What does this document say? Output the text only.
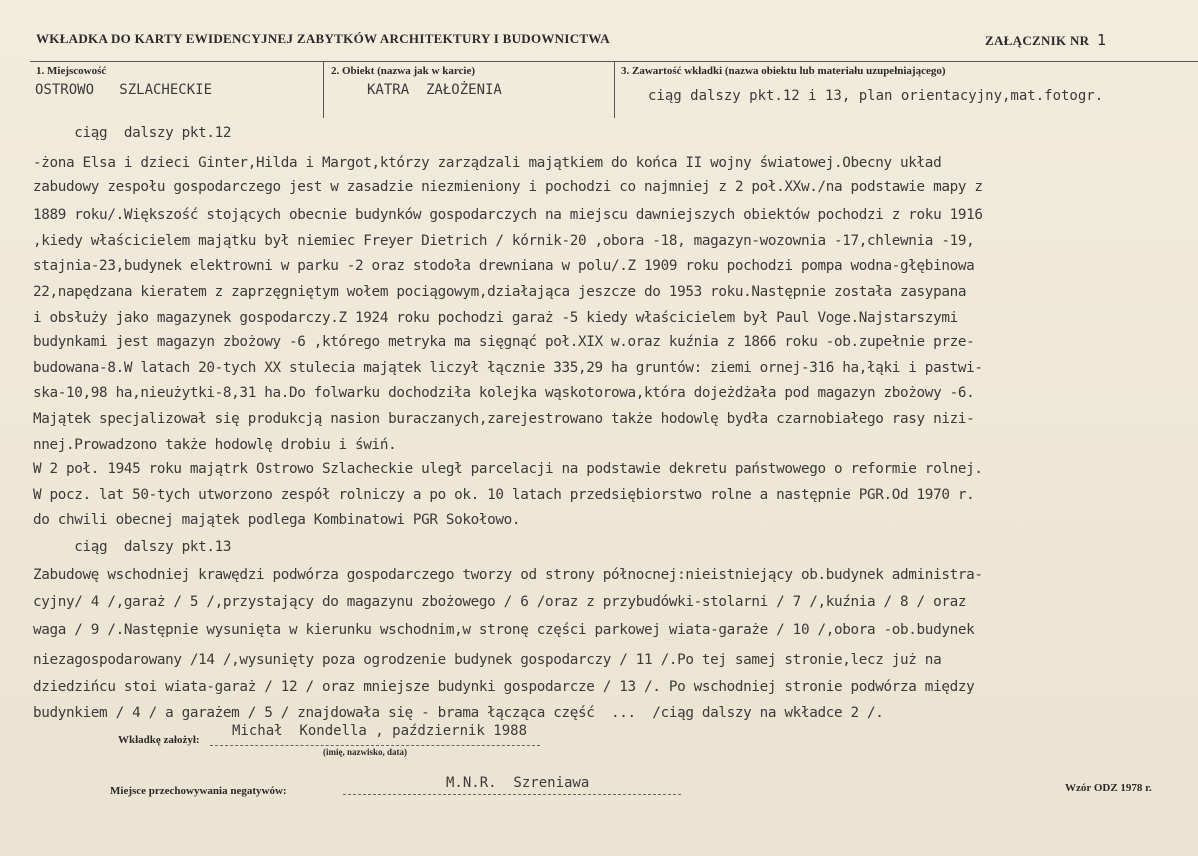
WKŁADKA DO KARTY EWIDENCYJNEJ ZABYTKÓW ARCHITEKTURY I BUDOWNICTWA	ZAŁĄCZNIK NR 1
1. Miejscowość	2. Obiekt (nazwa jak w karcie)	3. Zawartość wkładki (nazwa obiektu lub materiału uzupełniającego)
OSTROWO   SZLACHECKIE	KATRA  ZAŁOŻENIA	ciąg dalszy pkt.12 i 13, plan orientacyjny,mat.fotogr.
ciąg  dalszy pkt.12
-żona Elsa i dzieci Ginter,Hilda i Margot,którzy zarządzali majątkiem do końca II wojny światowej.Obecny układ
zabudowy zespołu gospodarczego jest w zasadzie niezmieniony i pochodzi co najmniej z 2 poł.XXw./na podstawie mapy z
1889 roku/.Większość stojących obecnie budynków gospodarczych na miejscu dawniejszych obiektów pochodzi z roku 1916
,kiedy właścicielem majątku był niemiec Freyer Dietrich / kórnik-20 ,obora -18, magazyn-wozownia -17,chlewnia -19,
stajnia-23,budynek elektrowni w parku -2 oraz stodoła drewniana w polu/.Z 1909 roku pochodzi pompa wodna-głębinowa
22,napędzana kieratem z zaprzęgniętym wołem pociągowym,działająca jeszcze do 1953 roku.Następnie została zasypana
i obsłuży jako magazynek gospodarczy.Z 1924 roku pochodzi garaż -5 kiedy właścicielem był Paul Voge.Najstarszymi
budynkami jest magazyn zbożowy -6 ,którego metryka ma sięgnąć poł.XIX w.oraz kuźnia z 1866 roku -ob.zupełnie prze-
budowana-8.W latach 20-tych XX stulecia majątek liczył łącznie 335,29 ha gruntów: ziemi ornej-316 ha,łąki i pastwi-
ska-10,98 ha,nieużytki-8,31 ha.Do folwarku dochodziła kolejka wąskotorowa,która dojeżdżała pod magazyn zbożowy -6.
Majątek specjalizował się produkcją nasion buraczanych,zarejestrowano także hodowlę bydła czarnobiałego rasy nizi-
nnej.Prowadzono także hodowlę drobiu i świń.
W 2 poł. 1945 roku majątrk Ostrowo Szlacheckie uległ parcelacji na podstawie dekretu państwowego o reformie rolnej.
W pocz. lat 50-tych utworzono zespół rolniczy a po ok. 10 latach przedsiębiorstwo rolne a następnie PGR.Od 1970 r.
do chwili obecnej majątek podlega Kombinatowi PGR Sokołowo.
ciąg  dalszy pkt.13
Zabudowę wschodniej krawędzi podwórza gospodarczego tworzy od strony północnej:nieistniejący ob.budynek administra-
cyjny/ 4 /,garaż / 5 /,przystający do magazynu zbożowego / 6 /oraz z przybudówki-stolarni / 7 /,kuźnia / 8 / oraz
waga / 9 /.Następnie wysunięta w kierunku wschodnim,w stronę części parkowej wiata-garaże / 10 /,obora -ob.budynek
niezagospodarowany /14 /,wysunięty poza ogrodzenie budynek gospodarczy / 11 /.Po tej samej stronie,lecz już na
dziedzińcu stoi wiata-garaż / 12 / oraz mniejsze budynki gospodarcze / 13 /. Po wschodniej stronie podwórza między
budynkiem / 4 / a garażem / 5 / znajdowała się - brama łącząca część  ...  /ciąg dalszy na wkładce 2 /.
Wkładkę założył:
Michał  Kondella , październik 1988
(imię, nazwisko, data)
Miejsce przechowywania negatywów:	M.N.R.  Szreniawa	Wzór ODZ 1978 r.
